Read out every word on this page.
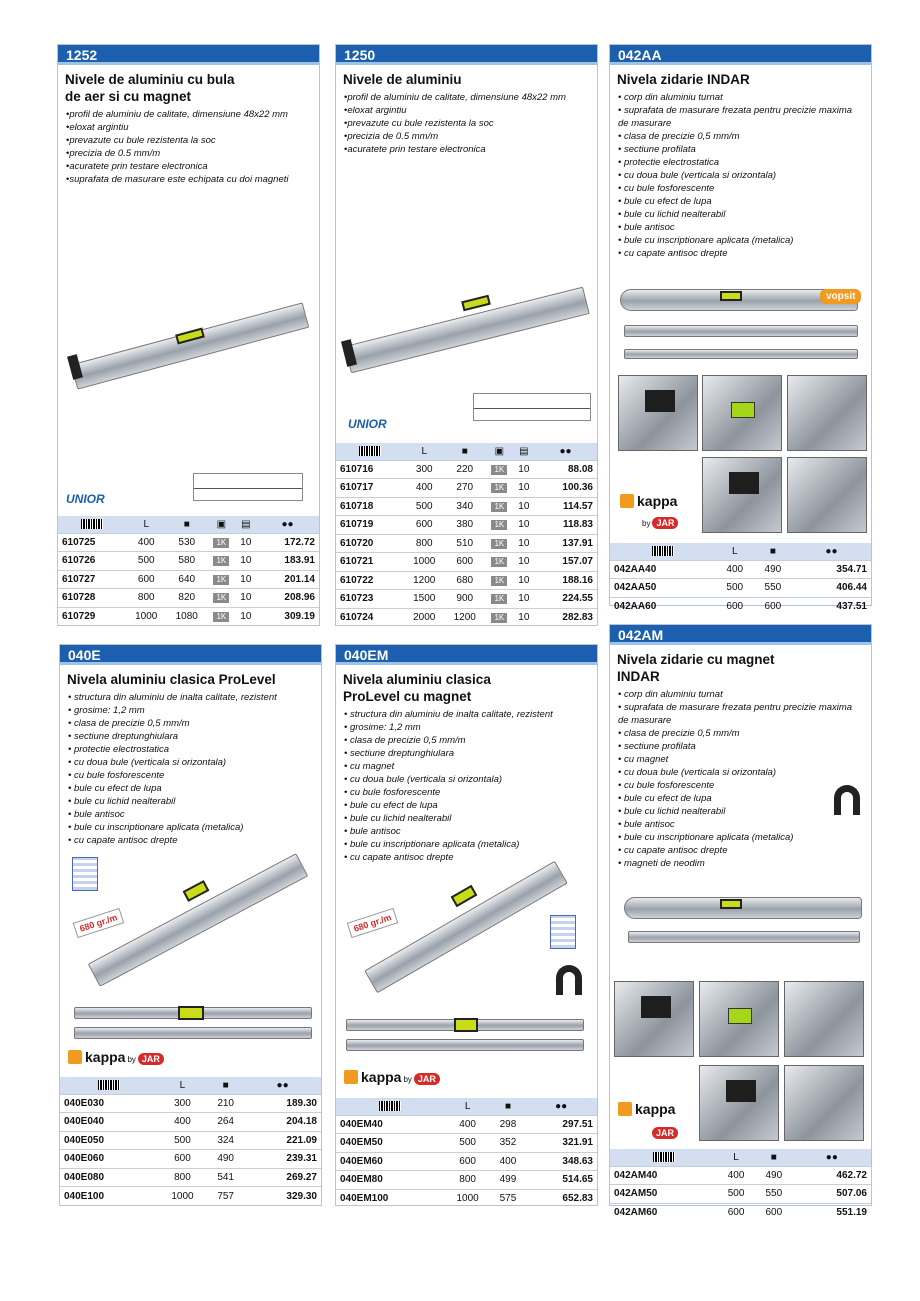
1252
Nivele de aluminiu cu bula
de aer si cu magnet
• profil de aluminiu de calitate, dimensiune 48x22 mm
• eloxat argintiu
• prevazute cu bule rezistenta la soc
• precizia de 0.5 mm/m
• acuratete prin testare electronica
• suprafata de masurare este echipata cu doi magneti
UNIOR
	L	■	▣	▤	●●
610725	400	530	1K	10	172.72
610726	500	580	1K	10	183.91
610727	600	640	1K	10	201.14
610728	800	820	1K	10	208.96
610729	1000	1080	1K	10	309.19
1250
Nivele de aluminiu
• profil de aluminiu de calitate, dimensiune 48x22 mm
• eloxat argintiu
• prevazute cu bule rezistenta la soc
• precizia de 0.5 mm/m
• acuratete prin testare electronica
UNIOR
	L	■	▣	▤	●●
610716	300	220	1K	10	88.08
610717	400	270	1K	10	100.36
610718	500	340	1K	10	114.57
610719	600	380	1K	10	118.83
610720	800	510	1K	10	137.91
610721	1000	600	1K	10	157.07
610722	1200	680	1K	10	188.16
610723	1500	900	1K	10	224.55
610724	2000	1200	1K	10	282.83
042AA
Nivela zidarie INDAR
• corp din aluminiu turnat
• suprafata de masurare frezata pentru precizie maxima
de masurare
• clasa de precizie 0,5 mm/m
• sectiune profilata
• protectie electrostatica
• cu doua bule (verticala si orizontala)
• cu bule fosforescente
• bule cu efect de lupa
• bule cu lichid nealterabil
• bule antisoc
• bule cu inscriptionare aplicata (metalica)
• cu capate antisoc drepte
vopsit
kappa
by JAR
	L	■	●●
042AA40	400	490	354.71
042AA50	500	550	406.44
042AA60	600	600	437.51
040E
Nivela aluminiu clasica ProLevel
• structura din aluminiu de inalta calitate, rezistent
• grosime: 1,2 mm
• clasa de precizie 0,5 mm/m
• sectiune dreptunghiulara
• protectie electrostatica
• cu doua bule (verticala si orizontala)
• cu bule fosforescente
• bule cu efect de lupa
• bule cu lichid nealterabil
• bule antisoc
• bule cu inscriptionare aplicata (metalica)
• cu capate antisoc drepte
680 gr./m
kappa by JAR
	L	■	●●
040E030	300	210	189.30
040E040	400	264	204.18
040E050	500	324	221.09
040E060	600	490	239.31
040E080	800	541	269.27
040E100	1000	757	329.30
040EM
Nivela aluminiu clasica
ProLevel cu magnet
• structura din aluminiu de inalta calitate, rezistent
• grosime: 1,2 mm
• clasa de precizie 0,5 mm/m
• sectiune dreptunghiulara
• cu magnet
• cu doua bule (verticala si orizontala)
• cu bule fosforescente
• bule cu efect de lupa
• bule cu lichid nealterabil
• bule antisoc
• bule cu inscriptionare aplicata (metalica)
• cu capate antisoc drepte
680 gr./m
kappa by JAR
	L	■	●●
040EM40	400	298	297.51
040EM50	500	352	321.91
040EM60	600	400	348.63
040EM80	800	499	514.65
040EM100	1000	575	652.83
042AM
Nivela zidarie cu magnet
INDAR
• corp din aluminiu turnat
• suprafata de masurare frezata pentru precizie maxima
de masurare
• clasa de precizie 0,5 mm/m
• sectiune profilata
• cu magnet
• cu doua bule (verticala si orizontala)
• cu bule fosforescente
• bule cu efect de lupa
• bule cu lichid nealterabil
• bule antisoc
• bule cu inscriptionare aplicata (metalica)
• cu capate antisoc drepte
• magneti de neodim
kappa
JAR
	L	■	●●
042AM40	400	490	462.72
042AM50	500	550	507.06
042AM60	600	600	551.19
